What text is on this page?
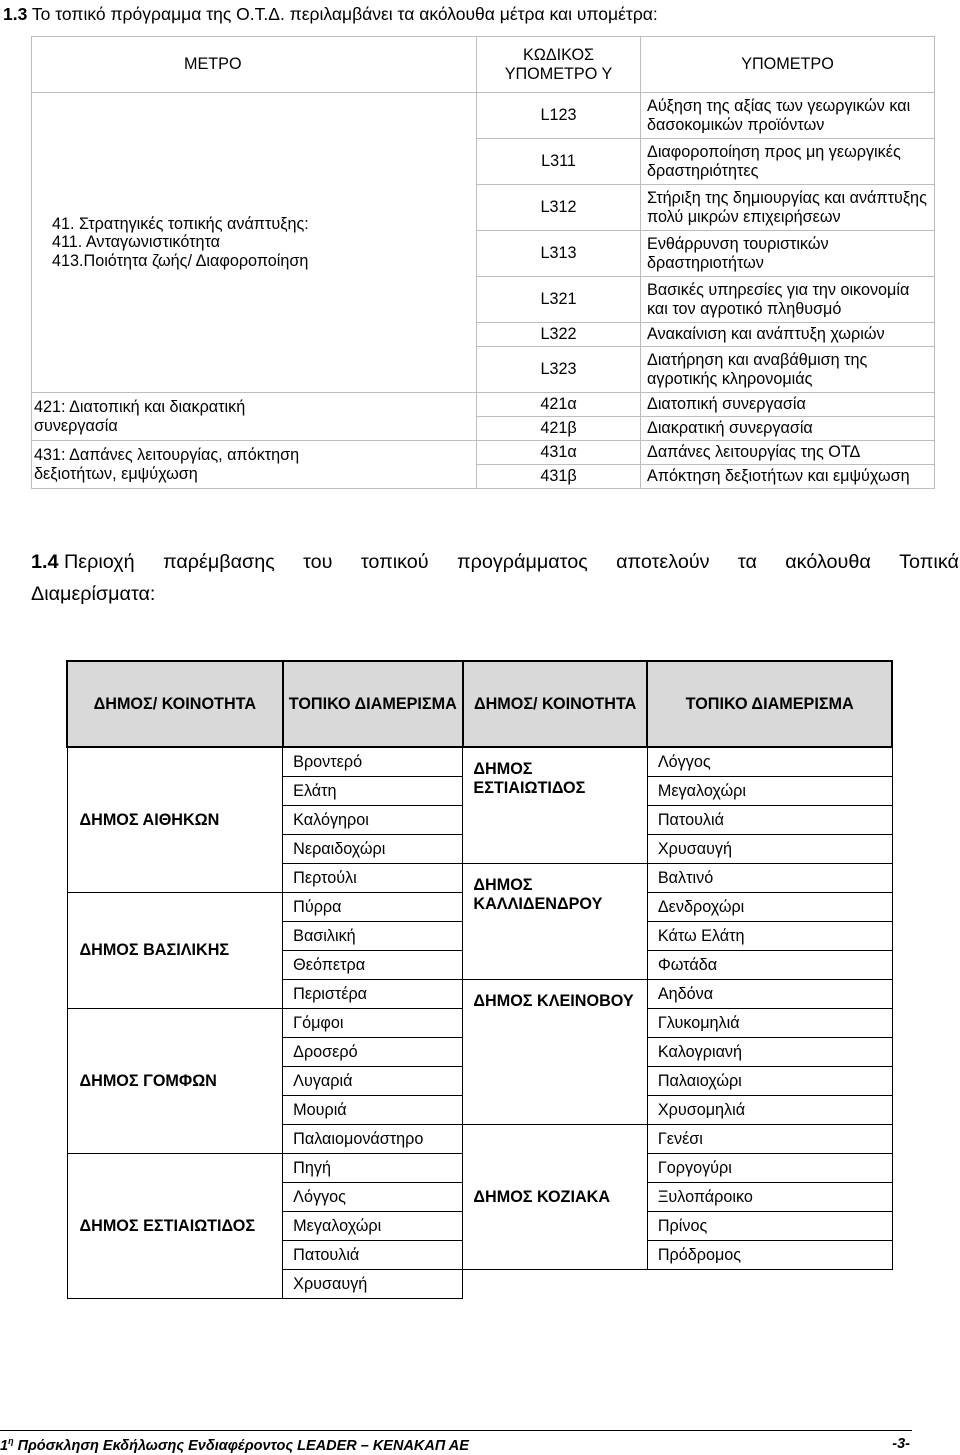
1.3 Το τοπικό πρόγραμμα της Ο.Τ.Δ. περιλαμβάνει τα ακόλουθα μέτρα και υπομέτρα:
ΜΕΤΡΟ	ΚΩΔΙΚΟΣ ΥΠΟΜΕΤΡΟ Υ	ΥΠΟΜΕΤΡΟ

41. Στρατηγικές τοπικής ανάπτυξης:
411. Ανταγωνιστικότητα
413.Ποιότητα ζωής/ Διαφοροποίηση	L123	Αύξηση της αξίας των γεωργικών και δασοκομικών προϊόντων
	L311	Διαφοροποίηση προς μη γεωργικές δραστηριότητες
	L312	Στήριξη της δημιουργίας και ανάπτυξης πολύ μικρών επιχειρήσεων
	L313	Ενθάρρυνση τουριστικών δραστηριοτήτων
	L321	Βασικές υπηρεσίες για την οικονομία και τον αγροτικό πληθυσμό
	L322	Ανακαίνιση και ανάπτυξη χωριών
	L323	Διατήρηση και αναβάθμιση της αγροτικής κληρονομιάς

421: Διατοπική και διακρατική
συνεργασία	421α	Διατοπική συνεργασία
	421β	Διακρατική συνεργασία

431: Δαπάνες λειτουργίας, απόκτηση
δεξιοτήτων, εμψύχωση	431α	Δαπάνες λειτουργίας της ΟΤΔ
	431β	Απόκτηση δεξιοτήτων και εμψύχωση
1.4 Περιοχή παρέμβασης του τοπικού προγράμματος αποτελούν τα ακόλουθα Τοπικά
Διαμερίσματα:
ΔΗΜΟΣ/ ΚΟΙΝΟΤΗΤΑ	ΤΟΠΙΚΟ ΔΙΑΜΕΡΙΣΜΑ	ΔΗΜΟΣ/ ΚΟΙΝΟΤΗΤΑ	ΤΟΠΙΚΟ ΔΙΑΜΕΡΙΣΜΑ
ΔΗΜΟΣ ΑΙΘΗΚΩΝ	Βροντερό	ΔΗΜΟΣ ΕΣΤΙΑΙΩΤΙΔΟΣ	Λόγγος
	Ελάτη		Μεγαλοχώρι
	Καλόγηροι		Πατουλιά
	Νεραιδοχώρι		Χρυσαυγή
	Περτούλι	ΔΗΜΟΣ ΚΑΛΛΙΔΕΝΔΡΟΥ	Βαλτινό
ΔΗΜΟΣ ΒΑΣΙΛΙΚΗΣ	Πύρρα		Δενδροχώρι
	Βασιλική		Κάτω Ελάτη
	Θεόπετρα		Φωτάδα
	Περιστέρα	ΔΗΜΟΣ ΚΛΕΙΝΟΒΟΥ	Αηδόνα
ΔΗΜΟΣ ΓΟΜΦΩΝ	Γόμφοι		Γλυκομηλιά
	Δροσερό		Καλογριανή
	Λυγαριά		Παλαιοχώρι
	Μουριά		Χρυσομηλιά
	Παλαιομονάστηρο	ΔΗΜΟΣ ΚΟΖΙΑΚΑ	Γενέσι
ΔΗΜΟΣ ΕΣΤΙΑΙΩΤΙΔΟΣ	Πηγή		Γοργογύρι
	Λόγγος		Ξυλοπάροικο
	Μεγαλοχώρι		Πρίνος
	Πατουλιά		Πρόδρομος
	Χρυσαυγή		
$1^\eta$ Πρόσκληση Εκδήλωσης Ενδιαφέροντος LEADER – ΚΕΝΑΚΑΠ ΑΕ	-3-
